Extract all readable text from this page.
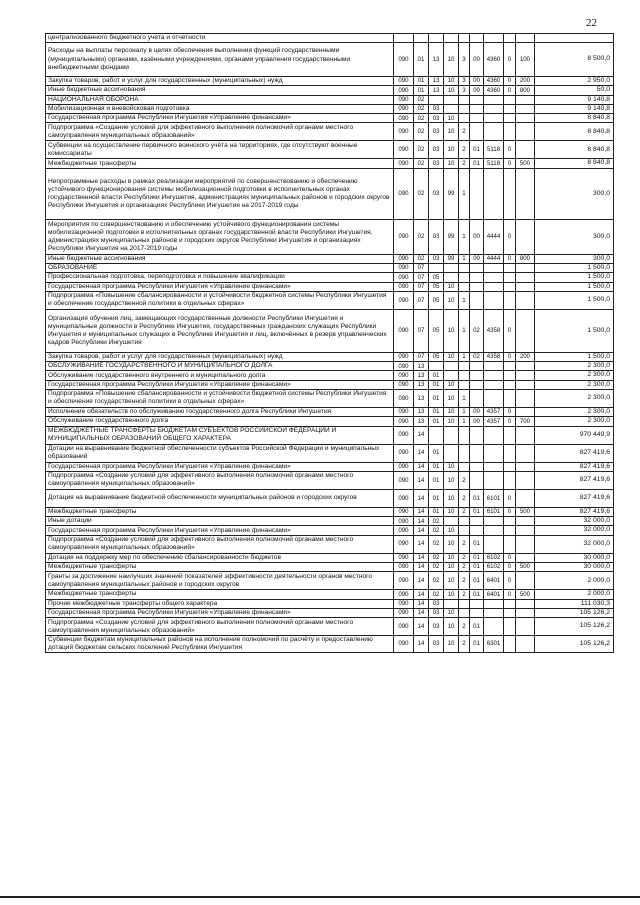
22
централизованного бюджетного учета и отчетности										
Расходы на выплаты персоналу в целях обеспечения выполнения функций государственными (муниципальными) органами, казёнными учреждениями, органами управления государственными внебюджетными фондами	090	01	13	10	3	00	4360	0	100	8 500,0
Закупка товаров, работ и услуг для государственных (муниципальных) нужд	090	01	13	10	3	00	4360	0	200	2 950,0
Иные бюджетные ассигнования	090	01	13	10	3	00	4360	0	800	50,0
НАЦИОНАЛЬНАЯ ОБОРОНА	090	02								9 140,8
Мобилизационная и вневойсковая подготовка	090	02	03							9 140,8
Государственная программа Республики Ингушетия «Управление финансами»	090	02	03	10						8 840,8
Подпрограмма «Создание условий для эффективного выполнения полномочий органами местного самоуправления муниципальных образований»	090	02	03	10	2					8 840,8
Субвенции на осуществление первичного воинского учёта на территориях, где отсутствуют военные комиссариаты	090	02	03	10	2	01	5118	0		8 840,8
Межбюджетные трансферты	090	02	03	10	2	01	5118	0	500	8 840,8
Непрограммные расходы в рамках реализации мероприятий по совершенствованию и обеспечению устойчивого функционирования системы мобилизационной подготовки в исполнительных органах государственной власти Республики Ингушетия, администрациях муниципальных районов и городских округов Республики Ингушетия и организациях Республики Ингушетия на 2017-2019 годы	090	02	03	99	1					300,0
Мероприятия по совершенствованию и обеспечению устойчивого функционирования системы мобилизационной подготовки в исполнительных органах государственной власти Республики Ингушетия, администрациях муниципальных районов и городских округов Республики Ингушетия и организациях Республики Ингушетия на 2017-2019 годы	090	02	03	99	1	00	4444	0		300,0
Иные бюджетные ассигнования	090	02	03	99	1	00	4444	0	800	300,0
ОБРАЗОВАНИЕ	090	07								1 500,0
Профессиональная подготовка, переподготовка и повышение квалификации	090	07	05							1 500,0
Государственная программа Республики Ингушетия «Управление финансами»	090	07	05	10						1 500,0
Подпрограмма «Повышение сбалансированности и устойчивости бюджетной системы Республики Ингушетия и обеспечение государственной политики в отдельных сферах»	090	07	05	10	1					1 500,0
Организация обучения лиц, замещающих государственные должности Республики Ингушетия и муниципальные должности в Республике Ингушетия, государственных гражданских служащих Республики Ингушетия и муниципальных служащих в Республике Ингушетия и лиц, включённых в резерв управленческих кадров Республики Ингушетия	090	07	05	10	1	02	4358	0		1 500,0
Закупка товаров, работ и услуг для государственных (муниципальных) нужд	090	07	05	10	1	02	4358	0	200	1 500,0
ОБСЛУЖИВАНИЕ ГОСУДАРСТВЕННОГО И МУНИЦИПАЛЬНОГО ДОЛГА	090	13								2 300,0
Обслуживание государственного внутреннего и муниципального долга	090	13	01							2 300,0
Государственная программа Республики Ингушетия «Управление финансами»	090	13	01	10						2 300,0
Подпрограмма «Повышение сбалансированности и устойчивости бюджетной системы Республики Ингушетия и обеспечение государственной политики в отдельных сферах»	090	13	01	10	1					2 300,0
Исполнение обязательств по обслуживанию государственного долга Республики Ингушетия	090	13	01	10	1	00	4357	0		2 300,0
Обслуживание государственного долга	090	13	01	10	1	00	4357	0	700	2 300,0
МЕЖБЮДЖЕТНЫЕ ТРАНСФЕРТЫ БЮДЖЕТАМ СУБЪЕКТОВ РОССИЙСКОЙ ФЕДЕРАЦИИ И МУНИЦИПАЛЬНЫХ ОБРАЗОВАНИЙ ОБЩЕГО ХАРАКТЕРА	090	14								970 449,9
Дотации на выравнивание бюджетной обеспеченности субъектов Российской Федерации и муниципальных образований	090	14	01							827 419,6
Государственная программа Республики Ингушетия «Управление финансами»	090	14	01	10						827 419,6
Подпрограмма «Создание условий для эффективного выполнения полномочий органами местного самоуправления муниципальных образований»	090	14	01	10	2					827 419,6
Дотация на выравнивание бюджетной обеспеченности муниципальных районов и городских округов	090	14	01	10	2	01	6101	0		827 419,6
Межбюджетные трансферты	090	14	01	10	2	01	6101	0	500	827 419,6
Иные дотации	090	14	02							32 000,0
Государственная программа Республики Ингушетия «Управление финансами»	090	14	02	10						32 000,0
Подпрограмма «Создание условий для эффективного выполнения полномочий органами местного самоуправления муниципальных образований»	090	14	02	10	2	01				32 000,0
Дотация на поддержку мер по обеспечению сбалансированности бюджетов	090	14	02	10	2	01	6102	0		30 000,0
Межбюджетные трансферты	090	14	02	10	2	01	6102	0	500	30 000,0
Гранты за достижение наилучших значений показателей эффективности деятельности органов местного самоуправления муниципальных районов и городских округов	090	14	02	10	2	01	6401	0		2 000,0
Межбюджетные трансферты	090	14	02	10	2	01	6401	0	500	2 000,0
Прочие межбюджетные трансферты общего характера	090	14	03							111 030,3
Государственная программа Республики Ингушетия «Управление финансами»	090	14	03	10						105 126,2
Подпрограмма «Создание условий для эффективного выполнения полномочий органами местного самоуправления муниципальных образований»	090	14	03	10	2	01				105 126,2
Субвенции бюджетам муниципальных районов на исполнение полномочий по расчёту и предоставлению дотаций бюджетам сельских поселений Республики Ингушетия	090	14	03	10	2	01	6301			105 126,2
